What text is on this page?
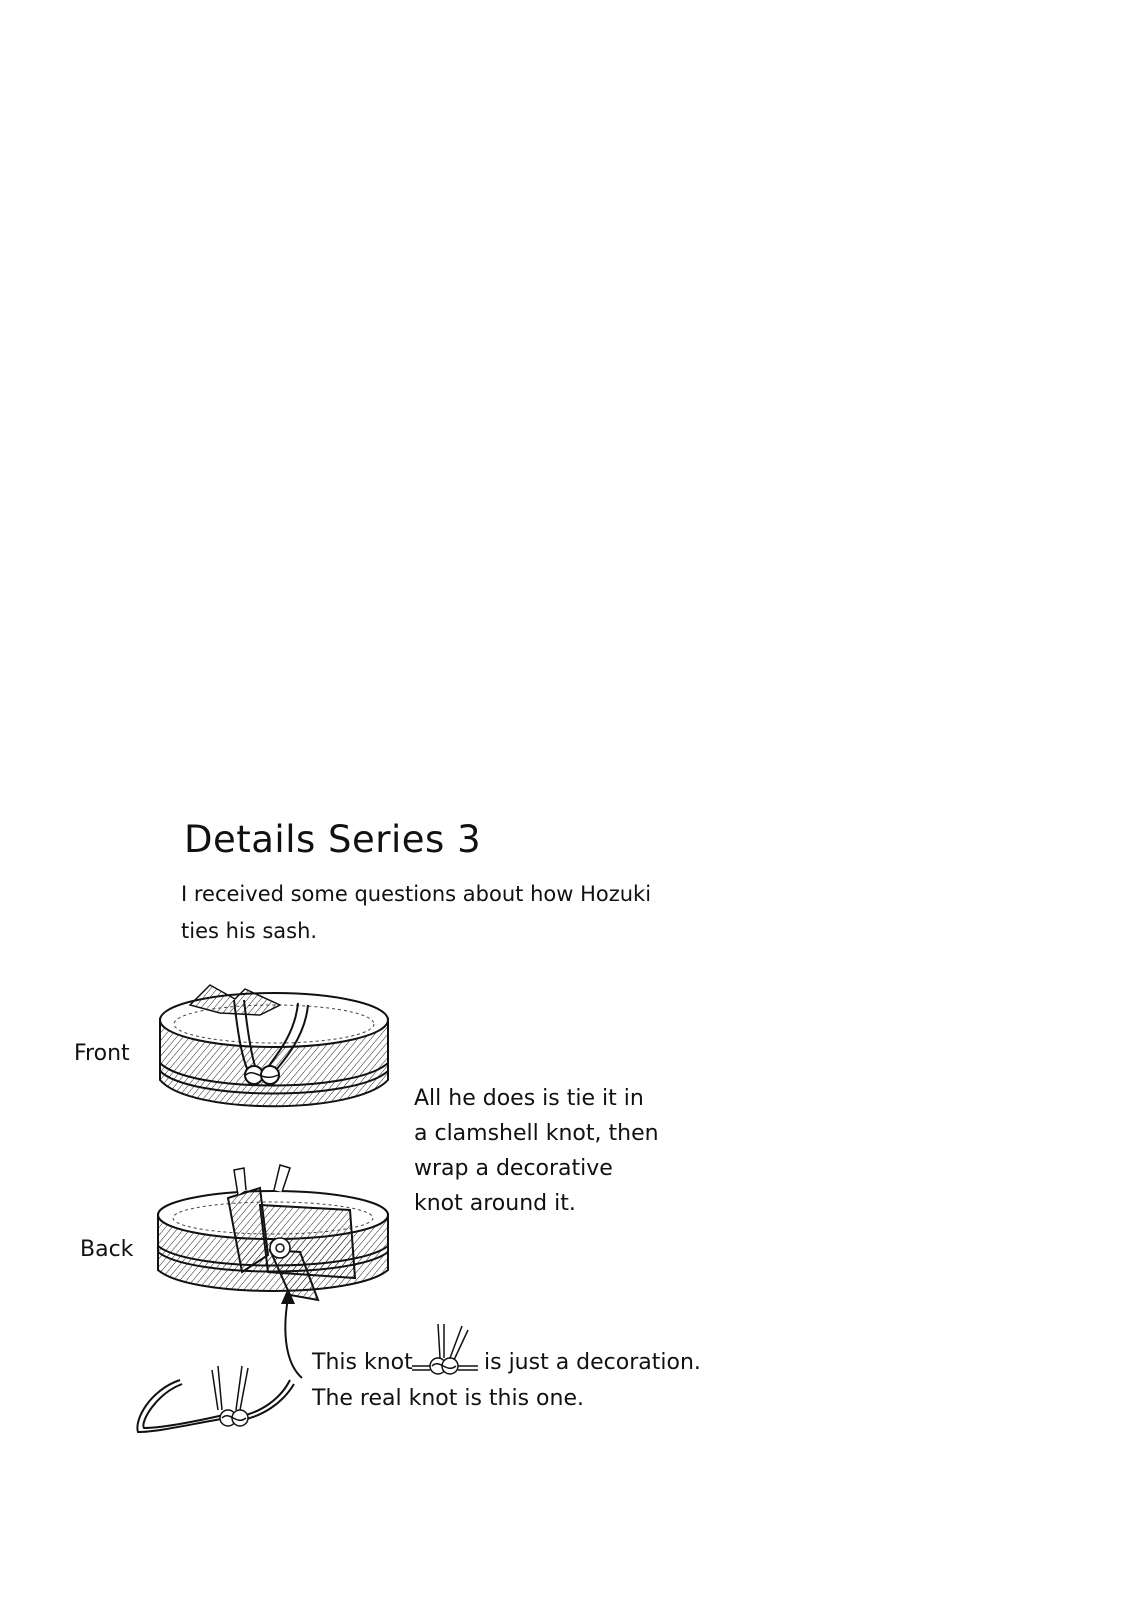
Details Series 3
I received some questions about how Hozuki
ties his sash.
Front
Back
All he does is tie it in
a clamshell knot, then
wrap a decorative
knot around it.
This knot	is just a decoration.
The real knot is this one.
